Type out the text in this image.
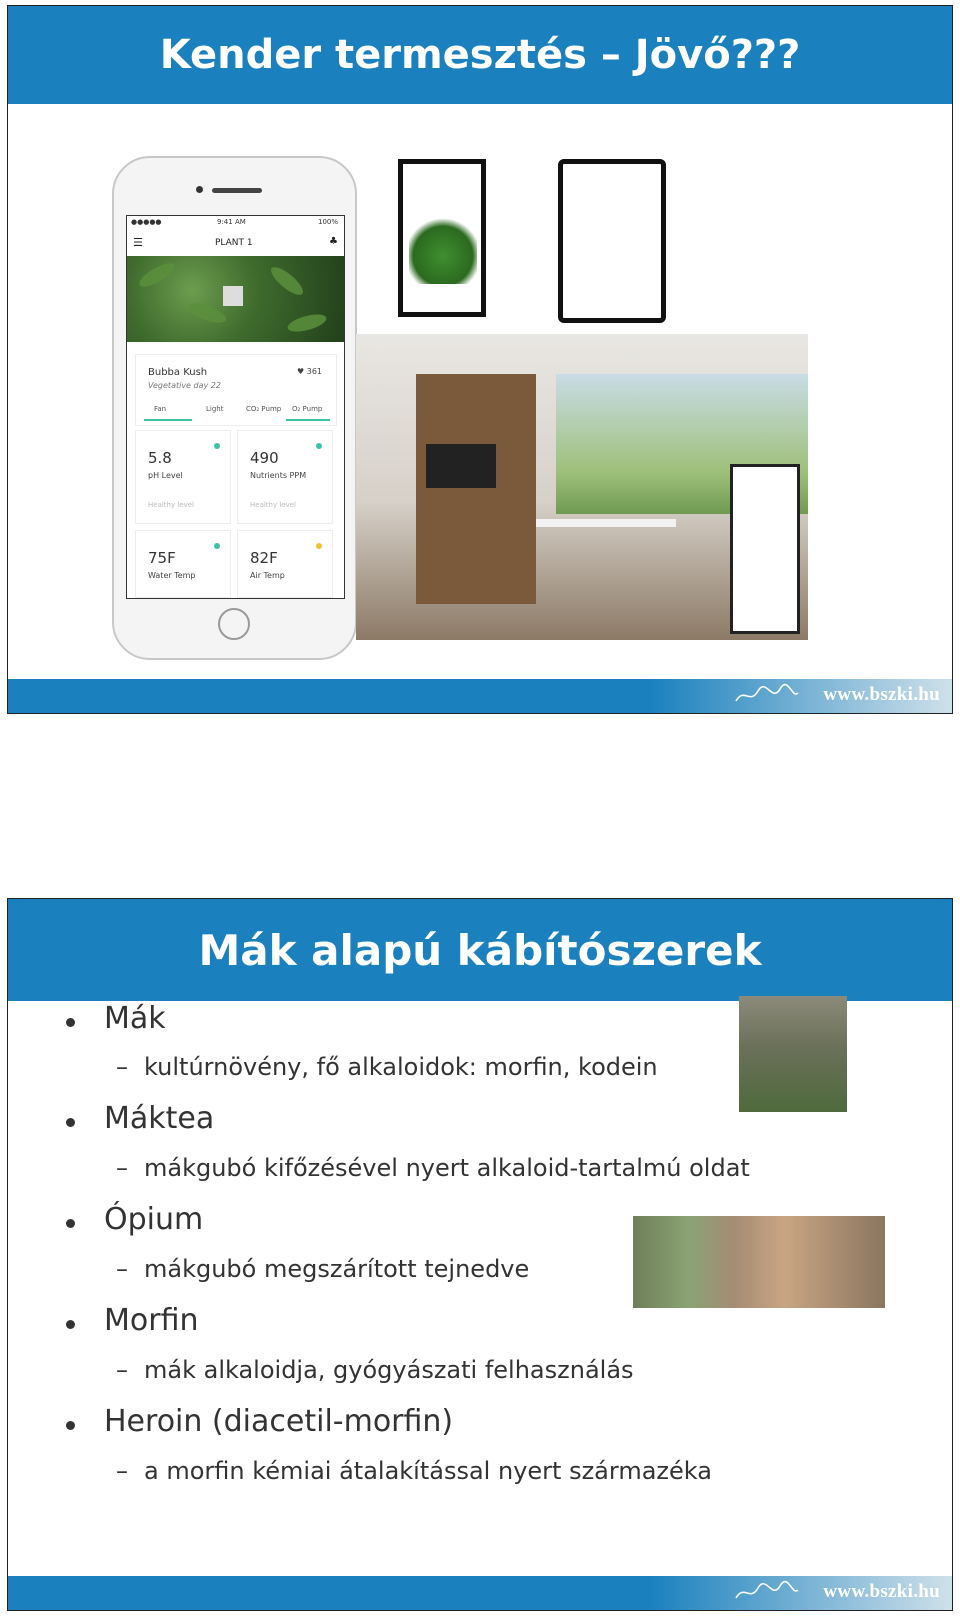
Kender termesztés – Jövő???
●●●●●	9:41 AM	100%
☰	PLANT 1	♣
Bubba Kush
Vegetative day 22
♥ 361
Fan	Light	CO₂ Pump O₂ Pump
5.8
pH Level
Healthy level
490
Nutrients PPM
Healthy level
75F
Water Temp
82F
Air Temp
www.bszki.hu
Mák alapú kábítószerek
Mák
– kultúrnövény, fő alkaloidok: morfin, kodein
Máktea
– mákgubó kifőzésével nyert alkaloid-tartalmú oldat
Ópium
– mákgubó megszárított tejnedve
Morfin
– mák alkaloidja, gyógyászati felhasználás
Heroin (diacetil-morfin)
– a morfin kémiai átalakítással nyert származéka
www.bszki.hu
